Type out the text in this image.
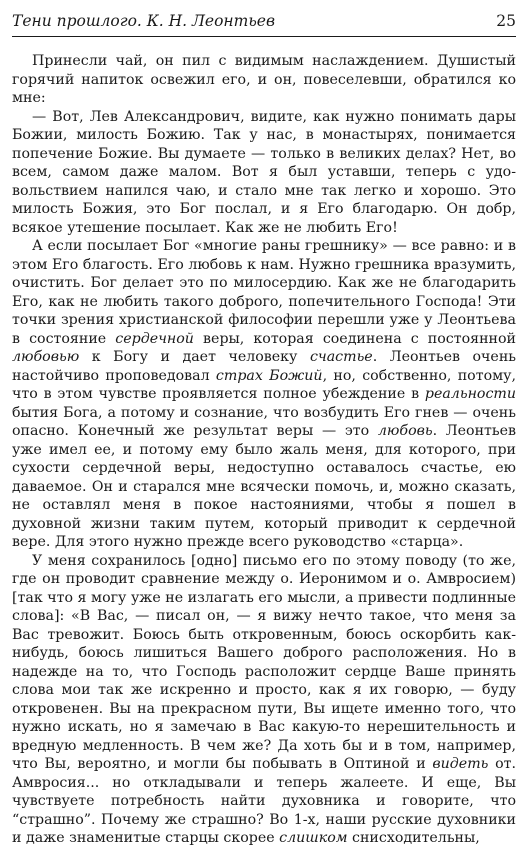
Тени прошлого. К. Н. Леонтьев	25

Принесли чай, он пил с видимым наслаждением. Душистый горячий напиток освежил его, и он, повеселевши, обратился ко мне:

— Вот, Лев Александрович, видите, как нужно понимать дары Божии, милость Божию. Так у нас, в монастырях, понимается попечение Божие. Вы думаете — только в великих делах? Нет, во всем, самом даже малом. Вот я был уставши, теперь с удовольствием напился чаю, и стало мне так легко и хорошо. Это милость Божия, это Бог послал, и я Его благодарю. Он добр, всякое утешение посылает. Как же не любить Его!

А если посылает Бог «многие раны грешнику» — все равно: и в этом Его благость. Его любовь к нам. Нужно грешника вразумить, очистить. Бог делает это по милосердию. Как же не благодарить Его, как не любить такого доброго, попечительного Господа! Эти точки зрения христианской философии перешли уже у Леонтьева в состояние сердечной веры, которая соединена с постоянной любовью к Богу и дает человеку счастье. Леонтьев очень настойчиво проповедовал страх Божий, но, собственно, потому, что в этом чувстве проявляется полное убеждение в реальности бытия Бога, а потому и сознание, что возбудить Его гнев — очень опасно. Конечный же результат веры — это любовь. Леонтьев уже имел ее, и потому ему было жаль меня, для которого, при сухости сердечной веры, недоступно оставалось счастье, ею даваемое. Он и старался мне всячески помочь, и, можно сказать, не оставлял меня в покое настояниями, чтобы я пошел в духовной жизни таким путем, который приводит к сердечной вере. Для этого нужно прежде всего руководство «старца».

У меня сохранилось [одно] письмо его по этому поводу (то же, где он проводит сравнение между о. Иеронимом и о. Амвросием) [так что я могу уже не излагать его мысли, а привести подлинные слова]: «В Вас, — писал он, — я вижу нечто такое, что меня за Вас тревожит. Боюсь быть откровенным, боюсь оскорбить как-нибудь, боюсь лишиться Вашего доброго расположения. Но в надежде на то, что Господь расположит сердце Ваше принять слова мои так же искренно и просто, как я их говорю, — буду откровенен. Вы на прекрасном пути, Вы ищете именно того, что нужно искать, но я замечаю в Вас какую-то нерешительность и вредную медленность. В чем же? Да хоть бы и в том, например, что Вы, вероятно, и могли бы побывать в Оптиной и видеть от. Амвросия... но откладывали и теперь жалеете. И еще, Вы чувствуете потребность найти духовника и говорите, что “страшно”. Почему же страшно? Во 1-х, наши русские духовники и даже знаменитые старцы скорее слишком снисходительны,
